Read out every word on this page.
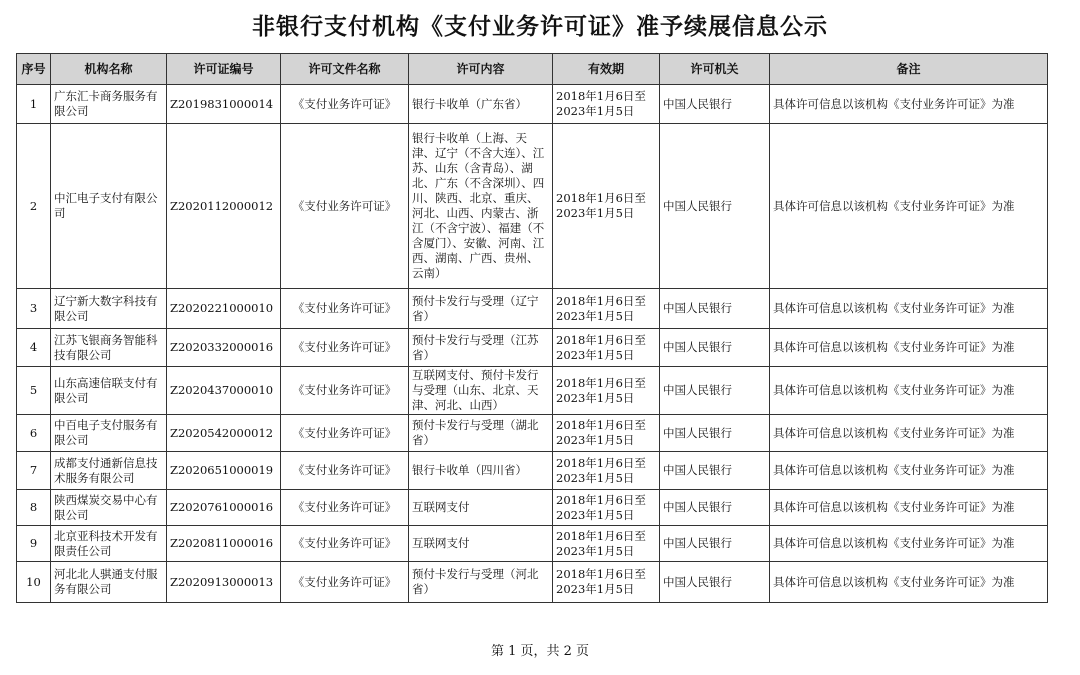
非银行支付机构《支付业务许可证》准予续展信息公示
序号	机构名称	许可证编号	许可文件名称	许可内容	有效期	许可机关	备注
1	广东汇卡商务服务有限公司	Z2019831000014	《支付业务许可证》	银行卡收单（广东省）	2018年1月6日至2023年1月5日	中国人民银行	具体许可信息以该机构《支付业务许可证》为准
2	中汇电子支付有限公司	Z2020112000012	《支付业务许可证》	银行卡收单（上海、天津、辽宁（不含大连）、江苏、山东（含青岛）、湖北、广东（不含深圳）、四川、陕西、北京、重庆、河北、山西、内蒙古、浙江（不含宁波）、福建（不含厦门）、安徽、河南、江西、湖南、广西、贵州、云南）	2018年1月6日至2023年1月5日	中国人民银行	具体许可信息以该机构《支付业务许可证》为准
3	辽宁新大数字科技有限公司	Z2020221000010	《支付业务许可证》	预付卡发行与受理（辽宁省）	2018年1月6日至2023年1月5日	中国人民银行	具体许可信息以该机构《支付业务许可证》为准
4	江苏飞银商务智能科技有限公司	Z2020332000016	《支付业务许可证》	预付卡发行与受理（江苏省）	2018年1月6日至2023年1月5日	中国人民银行	具体许可信息以该机构《支付业务许可证》为准
5	山东高速信联支付有限公司	Z2020437000010	《支付业务许可证》	互联网支付、预付卡发行与受理（山东、北京、天津、河北、山西）	2018年1月6日至2023年1月5日	中国人民银行	具体许可信息以该机构《支付业务许可证》为准
6	中百电子支付服务有限公司	Z2020542000012	《支付业务许可证》	预付卡发行与受理（湖北省）	2018年1月6日至2023年1月5日	中国人民银行	具体许可信息以该机构《支付业务许可证》为准
7	成都支付通新信息技术服务有限公司	Z2020651000019	《支付业务许可证》	银行卡收单（四川省）	2018年1月6日至2023年1月5日	中国人民银行	具体许可信息以该机构《支付业务许可证》为准
8	陕西煤炭交易中心有限公司	Z2020761000016	《支付业务许可证》	互联网支付	2018年1月6日至2023年1月5日	中国人民银行	具体许可信息以该机构《支付业务许可证》为准
9	北京亚科技术开发有限责任公司	Z2020811000016	《支付业务许可证》	互联网支付	2018年1月6日至2023年1月5日	中国人民银行	具体许可信息以该机构《支付业务许可证》为准
10	河北北人骐通支付服务有限公司	Z2020913000013	《支付业务许可证》	预付卡发行与受理（河北省）	2018年1月6日至2023年1月5日	中国人民银行	具体许可信息以该机构《支付业务许可证》为准
第 1 页，共 2 页
